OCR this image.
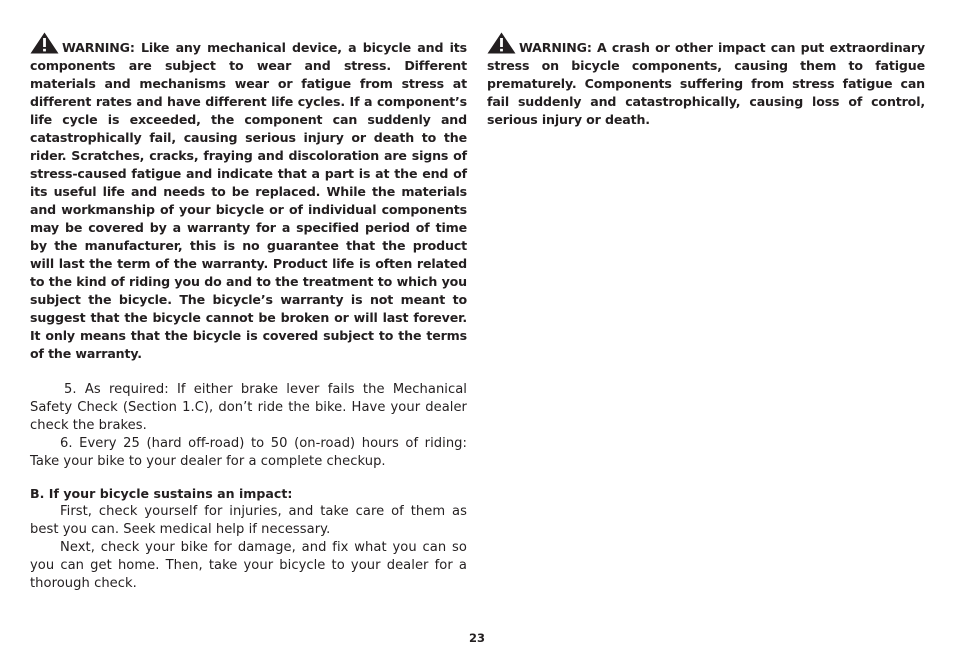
WARNING: Like any mechanical device, a bicycle and its components are subject to wear and stress. Different materials and mechanisms wear or fatigue from stress at different rates and have different life cycles. If a component’s life cycle is exceeded, the component can suddenly and catastrophically fail, causing serious injury or death to the rider. Scratches, cracks, fraying and discoloration are signs of stress-caused fatigue and indicate that a part is at the end of its useful life and needs to be replaced. While the materials and workmanship of your bicycle or of individual components may be covered by a warranty for a specified period of time by the manufacturer, this is no guarantee that the product will last the term of the warranty. Product life is often related to the kind of riding you do and to the treatment to which you subject the bicycle. The bicycle’s warranty is not meant to suggest that the bicycle cannot be broken or will last forever. It only means that the bicycle is covered subject to the terms of the warranty.

5. As required: If either brake lever fails the Mechanical Safety Check (Section 1.C), don’t ride the bike. Have your dealer check the brakes.

6. Every 25 (hard off-road) to 50 (on-road) hours of riding: Take your bike to your dealer for a complete checkup.

B. If your bicycle sustains an impact:

First, check yourself for injuries, and take care of them as best you can. Seek medical help if necessary.

Next, check your bike for damage, and fix what you can so you can get home. Then, take your bicycle to your dealer for a thorough check.

WARNING: A crash or other impact can put extraordinary stress on bicycle components, causing them to fatigue prematurely. Components suffering from stress fatigue can fail suddenly and catastrophically, causing loss of control, serious injury or death.

23
